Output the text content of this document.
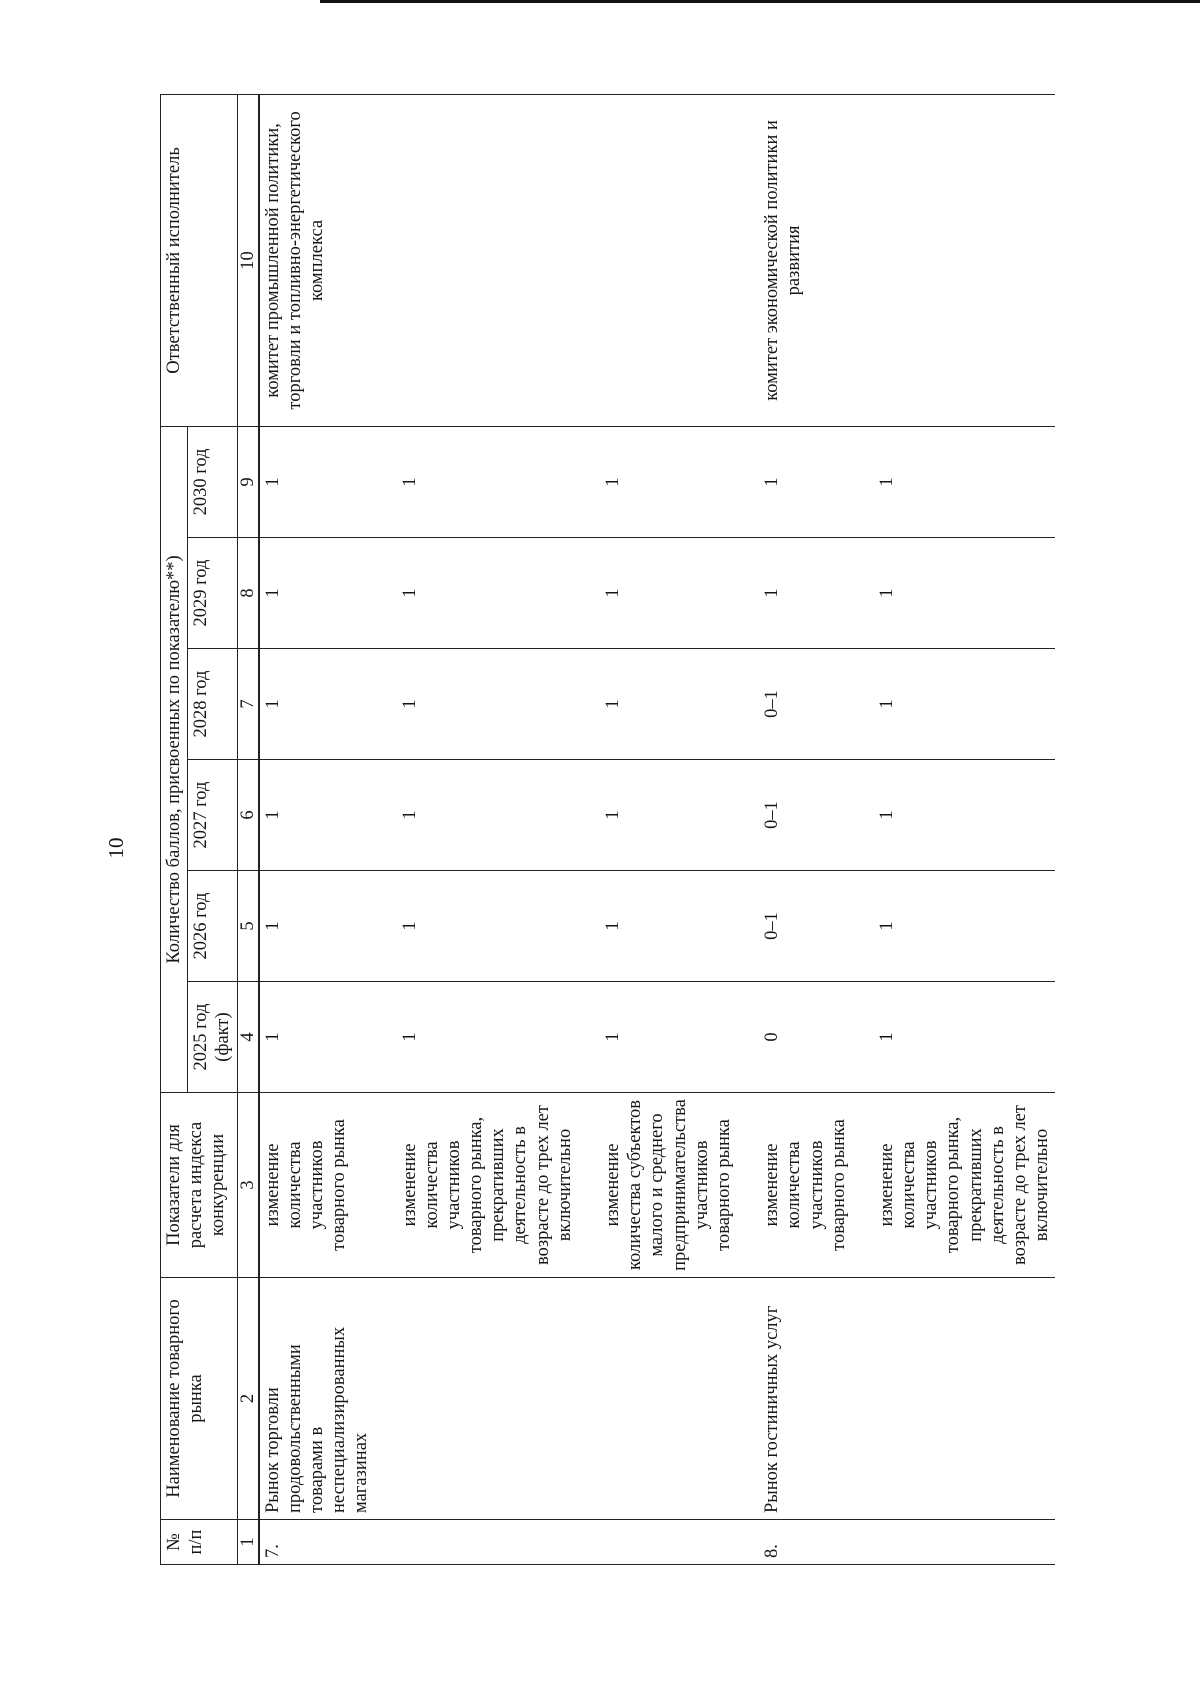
10
№ п/п	Наименование товарного рынка	Показатели для расчета индекса конкуренции	Количество баллов, присвоенных по показателю**)						Ответственный исполнитель
			2025 год (факт)	2026 год	2027 год	2028 год	2029 год	2030 год	
1	2	3	4	5	6	7	8	9	10
7.	Рынок торговли продовольственными товарами в неспециализированных магазинах	изменение количества участников товарного рынка	1	1	1	1	1	1	комитет промышленной политики, торговли и топливно-энергетического комплекса
		изменение количества участников товарного рынка, прекративших деятельность в возрасте до трех лет включительно	1	1	1	1	1	1	
		изменение количества субъектов малого и среднего предпринимательства участников товарного рынка	1	1	1	1	1	1	
8.	Рынок гостиничных услуг	изменение количества участников товарного рынка	0	0–1	0–1	0–1	1	1	комитет экономической политики и развития
		изменение количества участников товарного рынка, прекративших деятельность в возрасте до трех лет включительно	1	1	1	1	1	1	
